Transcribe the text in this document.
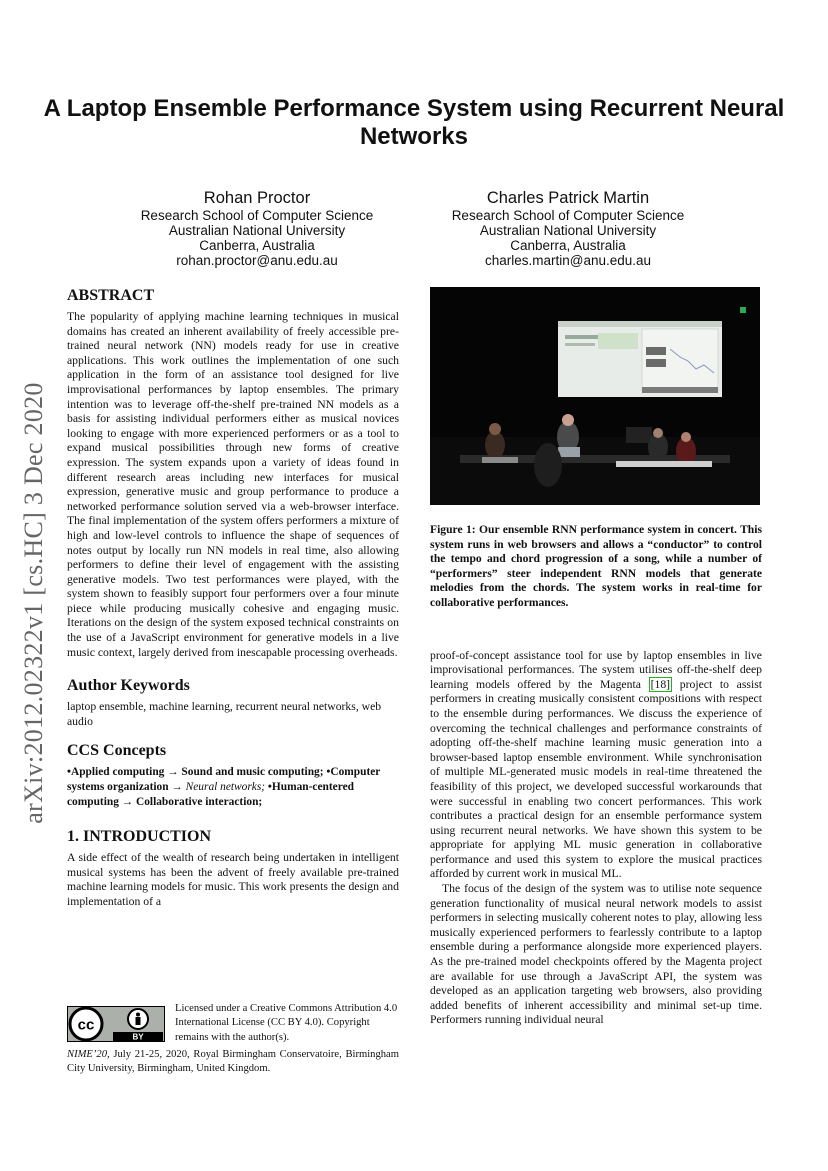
arXiv:2012.02322v1 [cs.HC] 3 Dec 2020
A Laptop Ensemble Performance System using Recurrent Neural Networks
Rohan Proctor
Research School of Computer Science
Australian National University
Canberra, Australia
rohan.proctor@anu.edu.au
Charles Patrick Martin
Research School of Computer Science
Australian National University
Canberra, Australia
charles.martin@anu.edu.au
ABSTRACT

The popularity of applying machine learning techniques in musical domains has created an inherent availability of freely accessible pre-trained neural network (NN) models ready for use in creative applications. This work outlines the implementation of one such application in the form of an assistance tool designed for live improvisational performances by laptop ensembles. The primary intention was to leverage off-the-shelf pre-trained NN models as a basis for assisting individual performers either as musical novices looking to engage with more experienced performers or as a tool to expand musical possibilities through new forms of creative expression. The system expands upon a variety of ideas found in different research areas including new interfaces for musical expression, generative music and group performance to produce a networked performance solution served via a web-browser interface. The final implementation of the system offers performers a mixture of high and low-level controls to influence the shape of sequences of notes output by locally run NN models in real time, also allowing performers to define their level of engagement with the assisting generative models. Two test performances were played, with the system shown to feasibly support four performers over a four minute piece while producing musically cohesive and engaging music. Iterations on the design of the system exposed technical constraints on the use of a JavaScript environment for generative models in a live music context, largely derived from inescapable processing overheads.

Author Keywords

laptop ensemble, machine learning, recurrent neural networks, web audio

CCS Concepts

•Applied computing → Sound and music computing; •Computer systems organization → Neural networks; •Human-centered computing → Collaborative interaction;

1. INTRODUCTION

A side effect of the wealth of research being undertaken in intelligent musical systems has been the advent of freely available pre-trained machine learning models for music. This work presents the design and implementation of a

cc
BY

Licensed under a Creative Commons Attribution 4.0 International License (CC BY 4.0). Copyright remains with the author(s).

NIME’20, July 21-25, 2020, Royal Birmingham Conservatoire, Birmingham City University, Birmingham, United Kingdom.

Figure 1: Our ensemble RNN performance system in concert. This system runs in web browsers and allows a “conductor” to control the tempo and chord progression of a song, while a number of “performers” steer independent RNN models that generate melodies from the chords. The system works in real-time for collaborative performances.

proof-of-concept assistance tool for use by laptop ensembles in live improvisational performances. The system utilises off-the-shelf deep learning models offered by the Magenta [18] project to assist performers in creating musically consistent compositions with respect to the ensemble during performances. We discuss the experience of overcoming the technical challenges and performance constraints of adopting off-the-shelf machine learning music generation into a browser-based laptop ensemble environment. While synchronisation of multiple ML-generated music models in real-time threatened the feasibility of this project, we developed successful workarounds that were successful in enabling two concert performances. This work contributes a practical design for an ensemble performance system using recurrent neural networks. We have shown this system to be appropriate for applying ML music generation in collaborative performance and used this system to explore the musical practices afforded by current work in musical ML.

The focus of the design of the system was to utilise note sequence generation functionality of musical neural network models to assist performers in selecting musically coherent notes to play, allowing less musically experienced performers to fearlessly contribute to a laptop ensemble during a performance alongside more experienced players. As the pre-trained model checkpoints offered by the Magenta project are available for use through a JavaScript API, the system was developed as an application targeting web browsers, also providing added benefits of inherent accessibility and minimal set-up time. Performers running individual neural
